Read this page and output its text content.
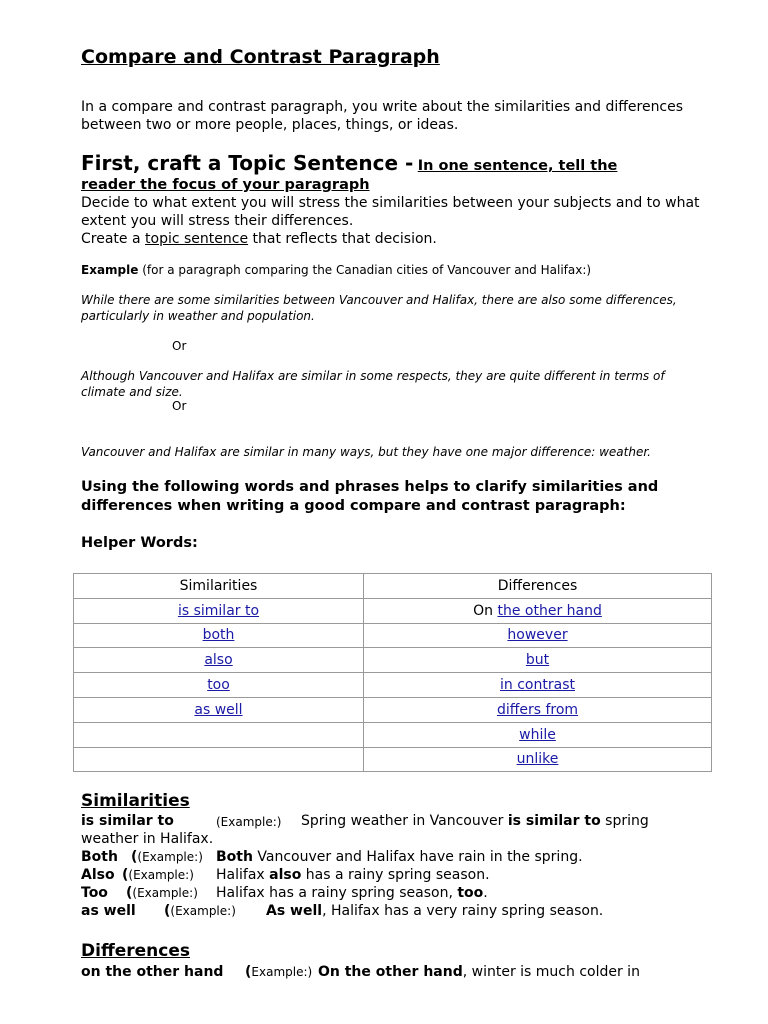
Compare and Contrast Paragraph
In a compare and contrast paragraph, you write about the similarities and differences between two or more people, places, things, or ideas.
First, craft a Topic Sentence - In one sentence, tell the
reader the focus of your paragraph
Decide to what extent you will stress the similarities between your subjects and to what extent you will stress their differences.
Create a topic sentence that reflects that decision.
Example (for a paragraph comparing the Canadian cities of Vancouver and Halifax:)
While there are some similarities between Vancouver and Halifax, there are also some differences, particularly in weather and population.
Or
Although Vancouver and Halifax are similar in some respects, they are quite different in terms of climate and size.
Or
Vancouver and Halifax are similar in many ways, but they have one major difference: weather.
Using the following words and phrases helps to clarify similarities and differences when writing a good compare and contrast paragraph:
Helper Words:
Similarities	Differences
is similar to	On the other hand
both	however
also	but
too	in contrast
as well	differs from
	while
	unlike
Similarities
is similar to	(Example:) Spring weather in Vancouver is similar to spring
weather in Halifax.
Both ((Example:) Both Vancouver and Halifax have rain in the spring.
Also ((Example:) Halifax also has a rainy spring season.
Too ((Example:) Halifax has a rainy spring season, too.
as well ((Example:) As well, Halifax has a very rainy spring season.
Differences
on the other hand (Example:) On the other hand, winter is much colder in
